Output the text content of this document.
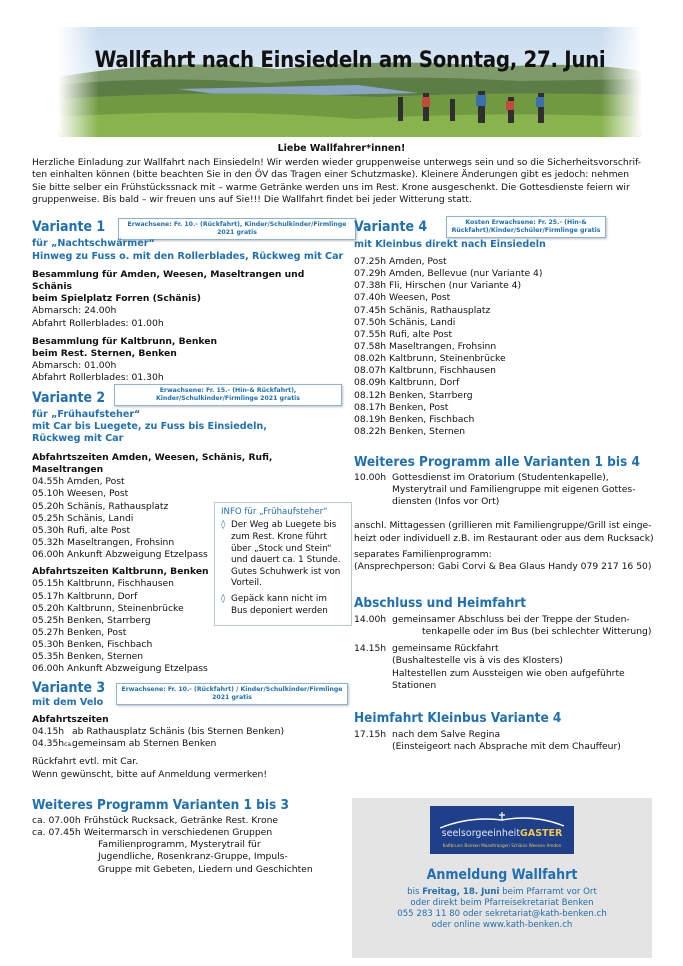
Wallfahrt nach Einsiedeln am Sonntag, 27. Juni
Liebe Wallfahrer*innen!
Herzliche Einladung zur Wallfahrt nach Einsiedeln! Wir werden wieder gruppenweise unterwegs sein und so die Sicherheitsvorschrif-
ten einhalten können (bitte beachten Sie in den ÖV das Tragen einer Schutzmaske). Kleinere Änderungen gibt es jedoch: nehmen
Sie bitte selber ein Frühstückssnack mit – warme Getränke werden uns im Rest. Krone ausgeschenkt. Die Gottesdienste feiern wir
gruppenweise. Bis bald – wir freuen uns auf Sie!!! Die Wallfahrt findet bei jeder Witterung statt.
Variante 1	Erwachsene: Fr. 10.- (Rückfahrt), Kinder/Schulkinder/Firmlinge 2021 gratis
für „Nachtschwärmer“
Hinweg zu Fuss o. mit den Rollerblades, Rückweg mit Car
Besammlung für Amden, Weesen, Maseltrangen und Schänis
beim Spielplatz Forren (Schänis)
Abmarsch: 24.00h
Abfahrt Rollerblades: 01.00h
Besammlung für Kaltbrunn, Benken
beim Rest. Sternen, Benken
Abmarsch: 01.00h
Abfahrt Rollerblades: 01.30h
Variante 2	Erwachsene: Fr. 15.- (Hin-& Rückfahrt), Kinder/Schulkinder/Firmlinge 2021 gratis
für „Frühaufsteher“
mit Car bis Luegete, zu Fuss bis Einsiedeln,
Rückweg mit Car
Abfahrtszeiten Amden, Weesen, Schänis, Rufi, Maseltrangen
04.55h Amden, Post
05.10h Weesen, Post
05.20h Schänis, Rathausplatz
05.25h Schänis, Landi
05.30h Rufi, alte Post
05.32h Maseltrangen, Frohsinn
06.00h Ankunft Abzweigung Etzelpass
Abfahrtszeiten Kaltbrunn, Benken
05.15h Kaltbrunn, Fischhausen
05.17h Kaltbrunn, Dorf
05.20h Kaltbrunn, Steinenbrücke
05.25h Benken, Starrberg
05.27h Benken, Post
05.30h Benken, Fischbach
05.35h Benken, Sternen
06.00h Ankunft Abzweigung Etzelpass
INFO für „Frühaufsteher“
◊ Der Weg ab Luegete bis zum Rest. Krone führt über „Stock und Stein“ und dauert ca. 1 Stunde. Gutes Schuhwerk ist von Vorteil.
◊ Gepäck kann nicht im Bus deponiert werden
Variante 3	Erwachsene: Fr. 10.- (Rückfahrt) / Kinder/Schulkinder/Firmlinge 2021 gratis
mit dem Velo
Abfahrtszeiten
04.15h ab Rathausplatz Schänis (bis Sternen Benken)
04.35hca.
gemeinsam ab Sternen Benken
Rückfahrt evtl. mit Car.
Wenn gewünscht, bitte auf Anmeldung vermerken!
Weiteres Programm Varianten 1 bis 3
ca. 07.00h Frühstück Rucksack, Getränke Rest. Krone
ca. 07.45h Weitermarsch in verschiedenen Gruppen
Familienprogramm, Mysterytrail für
Jugendliche, Rosenkranz-Gruppe, Impuls-
Gruppe mit Gebeten, Liedern und Geschichten
Variante 4	Kosten Erwachsene: Fr. 25.- (Hin-& Rückfahrt)/Kinder/Schüler/Firmlinge gratis
mit Kleinbus direkt nach Einsiedeln
07.25h Amden, Post
07.29h Amden, Bellevue (nur Variante 4)
07.38h Fli, Hirschen (nur Variante 4)
07.40h Weesen, Post
07.45h Schänis, Rathausplatz
07.50h Schänis, Landi
07.55h Rufi, alte Post
07.58h Maseltrangen, Frohsinn
08.02h Kaltbrunn, Steinenbrücke
08.07h Kaltbrunn, Fischhausen
08.09h Kaltbrunn, Dorf
08.12h Benken, Starrberg
08.17h Benken, Post
08.19h Benken, Fischbach
08.22h Benken, Sternen
Weiteres Programm alle Varianten 1 bis 4
10.00h Gottesdienst im Oratorium (Studentenkapelle),
Mysterytrail und Familiengruppe mit eigenen Gottes-
diensten (Infos vor Ort)
anschl. Mittagessen (grillieren mit Familiengruppe/Grill ist einge-
heizt oder individuell z.B. im Restaurant oder aus dem Rucksack)
separates Familienprogramm:
(Ansprechperson: Gabi Corvi & Bea Glaus Handy 079 217 16 50)
Abschluss und Heimfahrt
14.00h gemeinsamer Abschluss bei der Treppe der Studen-
tenkapelle oder im Bus (bei schlechter Witterung)
14.15h gemeinsame Rückfahrt
(Bushaltestelle vis à vis des Klosters)
Haltestellen zum Aussteigen wie oben aufgeführte
Stationen
Heimfahrt Kleinbus Variante 4
17.15h nach dem Salve Regina
(Einsteigeort nach Absprache mit dem Chauffeur)
seelsorgeeinheitGASTER
Kaltbrunn Benken Maseltrangen Schänis Weesen Amden
Anmeldung Wallfahrt
bis Freitag, 18. Juni beim Pfarramt vor Ort
oder direkt beim Pfarreisekretariat Benken
055 283 11 80 oder sekretariat@kath-benken.ch
oder online www.kath-benken.ch
